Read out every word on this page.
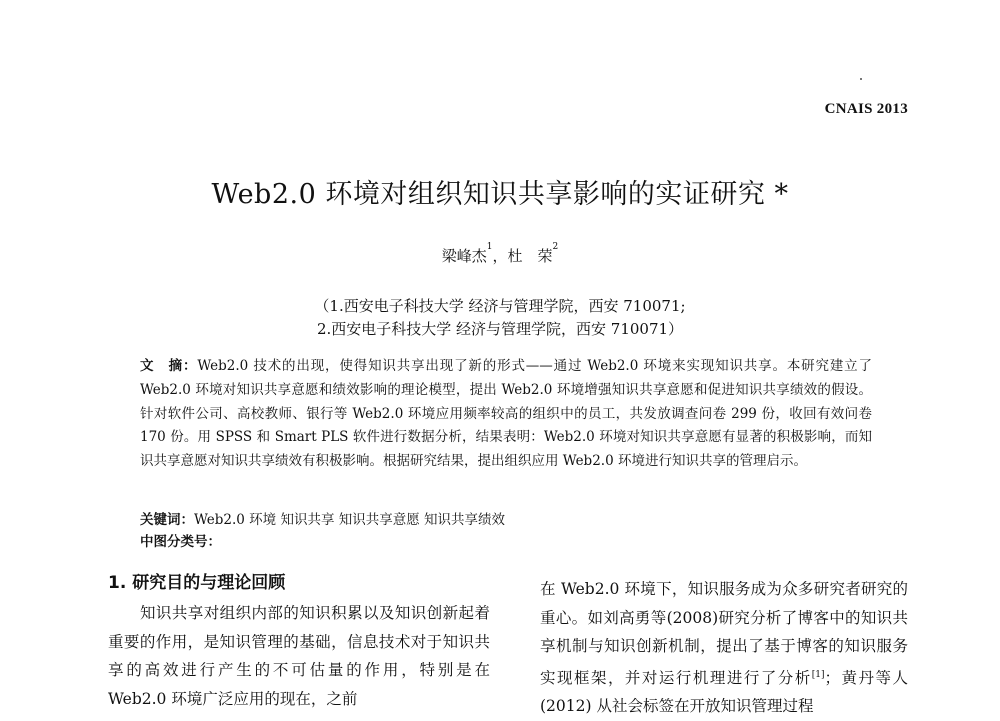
CNAIS 2013
Web2.0 环境对组织知识共享影响的实证研究 *
梁峰杰$^1$，杜　荣$^2$
（1.西安电子科技大学 经济与管理学院，西安 710071;
2.西安电子科技大学 经济与管理学院，西安 710071）
文　摘：Web2.0 技术的出现，使得知识共享出现了新的形式——通过 Web2.0 环境来实现知识共享。本研究建立了 Web2.0 环境对知识共享意愿和绩效影响的理论模型，提出 Web2.0 环境增强知识共享意愿和促进知识共享绩效的假设。针对软件公司、高校教师、银行等 Web2.0 环境应用频率较高的组织中的员工，共发放调查问卷 299 份，收回有效问卷 170 份。用 SPSS 和 Smart PLS 软件进行数据分析，结果表明：Web2.0 环境对知识共享意愿有显著的积极影响，而知识共享意愿对知识共享绩效有积极影响。根据研究结果，提出组织应用 Web2.0 环境进行知识共享的管理启示。
关键词：Web2.0 环境 知识共享 知识共享意愿 知识共享绩效
中图分类号：
1. 研究目的与理论回顾
知识共享对组织内部的知识积累以及知识创新起着重要的作用，是知识管理的基础，信息技术对于知识共享的高效进行产生的不可估量的作用，特别是在 Web2.0 环境广泛应用的现在，之前
在 Web2.0 环境下，知识服务成为众多研究者研究的重心。如刘高勇等(2008)研究分析了博客中的知识共享机制与知识创新机制，提出了基于博客的知识服务实现框架，并对运行机理进行了分析[1]；黄丹等人(2012) 从社会标签在开放知识管理过程
